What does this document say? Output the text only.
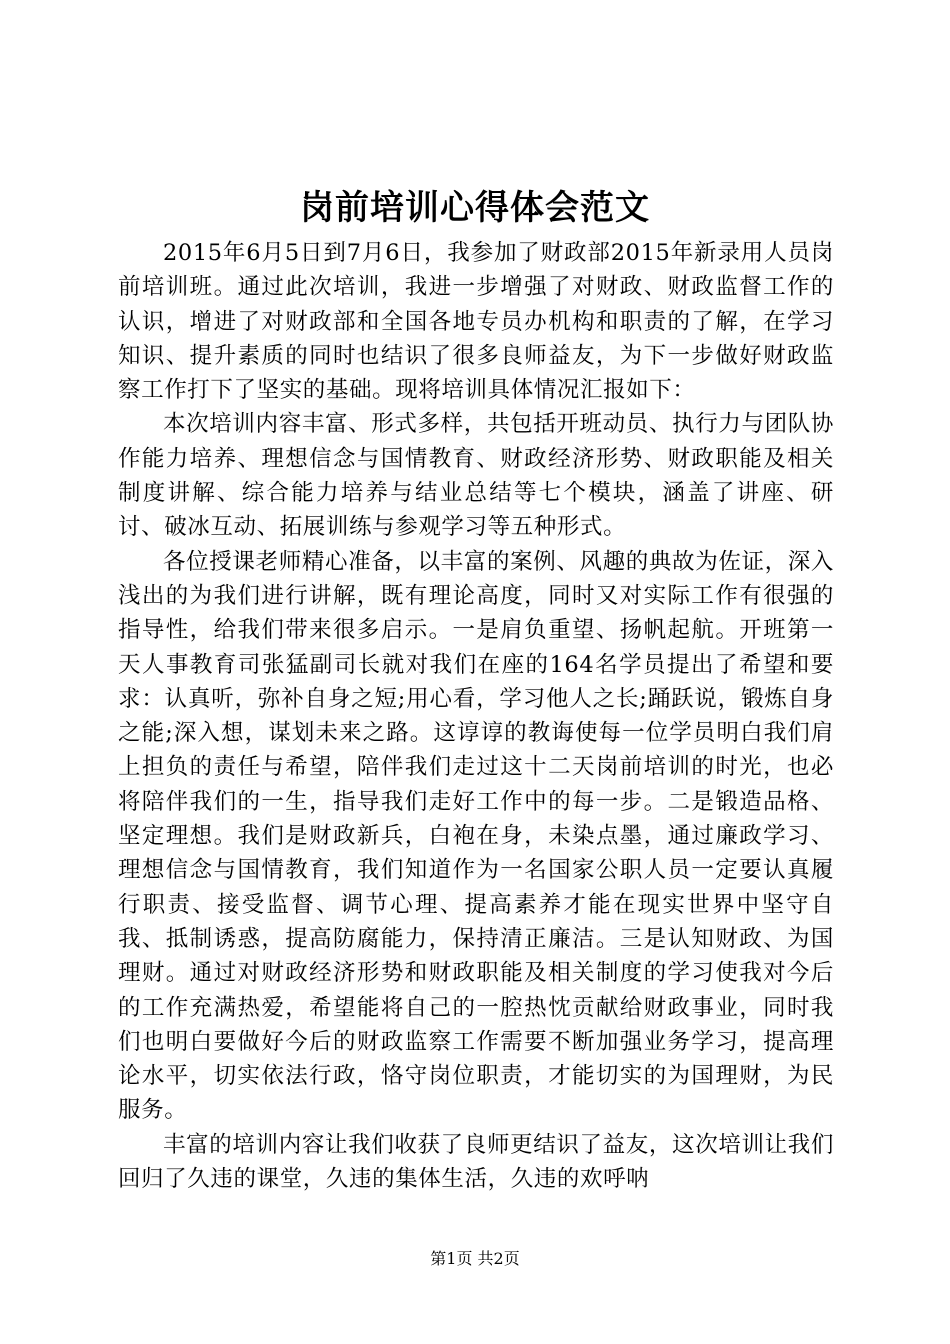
岗前培训心得体会范文

2015年6月5日到7月6日，我参加了财政部2015年新录用人员岗前培训班。通过此次培训，我进一步增强了对财政、财政监督工作的认识，增进了对财政部和全国各地专员办机构和职责的了解，在学习知识、提升素质的同时也结识了很多良师益友，为下一步做好财政监察工作打下了坚实的基础。现将培训具体情况汇报如下：

本次培训内容丰富、形式多样，共包括开班动员、执行力与团队协作能力培养、理想信念与国情教育、财政经济形势、财政职能及相关制度讲解、综合能力培养与结业总结等七个模块，涵盖了讲座、研讨、破冰互动、拓展训练与参观学习等五种形式。

各位授课老师精心准备，以丰富的案例、风趣的典故为佐证，深入浅出的为我们进行讲解，既有理论高度，同时又对实际工作有很强的指导性，给我们带来很多启示。一是肩负重望、扬帆起航。开班第一天人事教育司张猛副司长就对我们在座的164名学员提出了希望和要求：认真听，弥补自身之短;用心看，学习他人之长;踊跃说，锻炼自身之能;深入想，谋划未来之路。这谆谆的教诲使每一位学员明白我们肩上担负的责任与希望，陪伴我们走过这十二天岗前培训的时光，也必将陪伴我们的一生，指导我们走好工作中的每一步。二是锻造品格、坚定理想。我们是财政新兵，白袍在身，未染点墨，通过廉政学习、理想信念与国情教育，我们知道作为一名国家公职人员一定要认真履行职责、接受监督、调节心理、提高素养才能在现实世界中坚守自我、抵制诱惑，提高防腐能力，保持清正廉洁。三是认知财政、为国理财。通过对财政经济形势和财政职能及相关制度的学习使我对今后的工作充满热爱，希望能将自己的一腔热忱贡献给财政事业，同时我们也明白要做好今后的财政监察工作需要不断加强业务学习，提高理论水平，切实依法行政，恪守岗位职责，才能切实的为国理财，为民服务。

丰富的培训内容让我们收获了良师更结识了益友，这次培训让我们回归了久违的课堂，久违的集体生活，久违的欢呼呐

第1页 共2页
